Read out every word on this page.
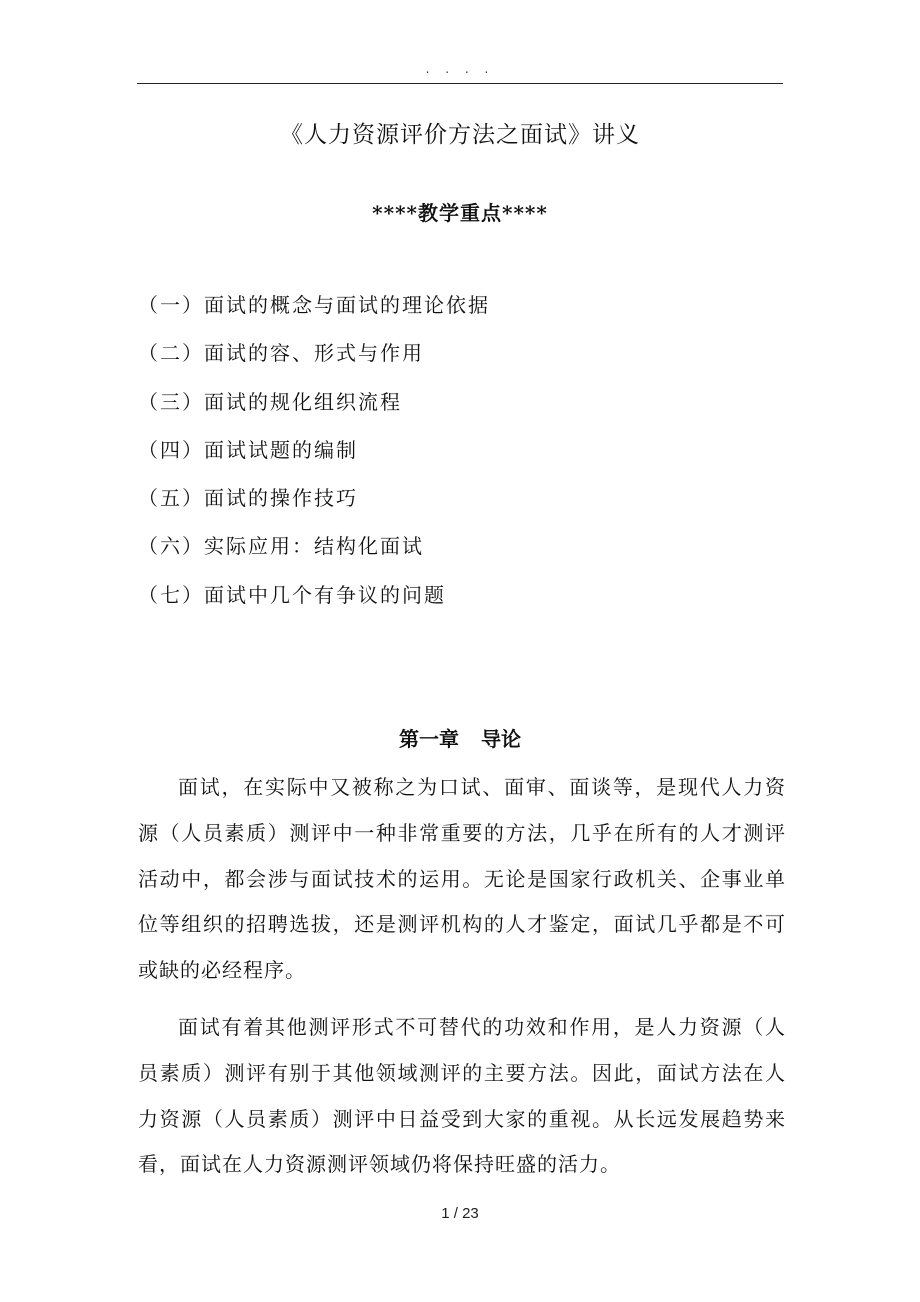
. . . .
《人力资源评价方法之面试》讲义
****教学重点****
（一）面试的概念与面试的理论依据
（二）面试的容、形式与作用
（三）面试的规化组织流程
（四）面试试题的编制
（五）面试的操作技巧
（六）实际应用：结构化面试
（七）面试中几个有争议的问题
第一章 导论

面试，在实际中又被称之为口试、面审、面谈等，是现代人力资源（人员素质）测评中一种非常重要的方法，几乎在所有的人才测评活动中，都会涉与面试技术的运用。无论是国家行政机关、企事业单位等组织的招聘选拔，还是测评机构的人才鉴定，面试几乎都是不可或缺的必经程序。

面试有着其他测评形式不可替代的功效和作用，是人力资源（人员素质）测评有别于其他领域测评的主要方法。因此，面试方法在人力资源（人员素质）测评中日益受到大家的重视。从长远发展趋势来看，面试在人力资源测评领域仍将保持旺盛的活力。

1 / 23
